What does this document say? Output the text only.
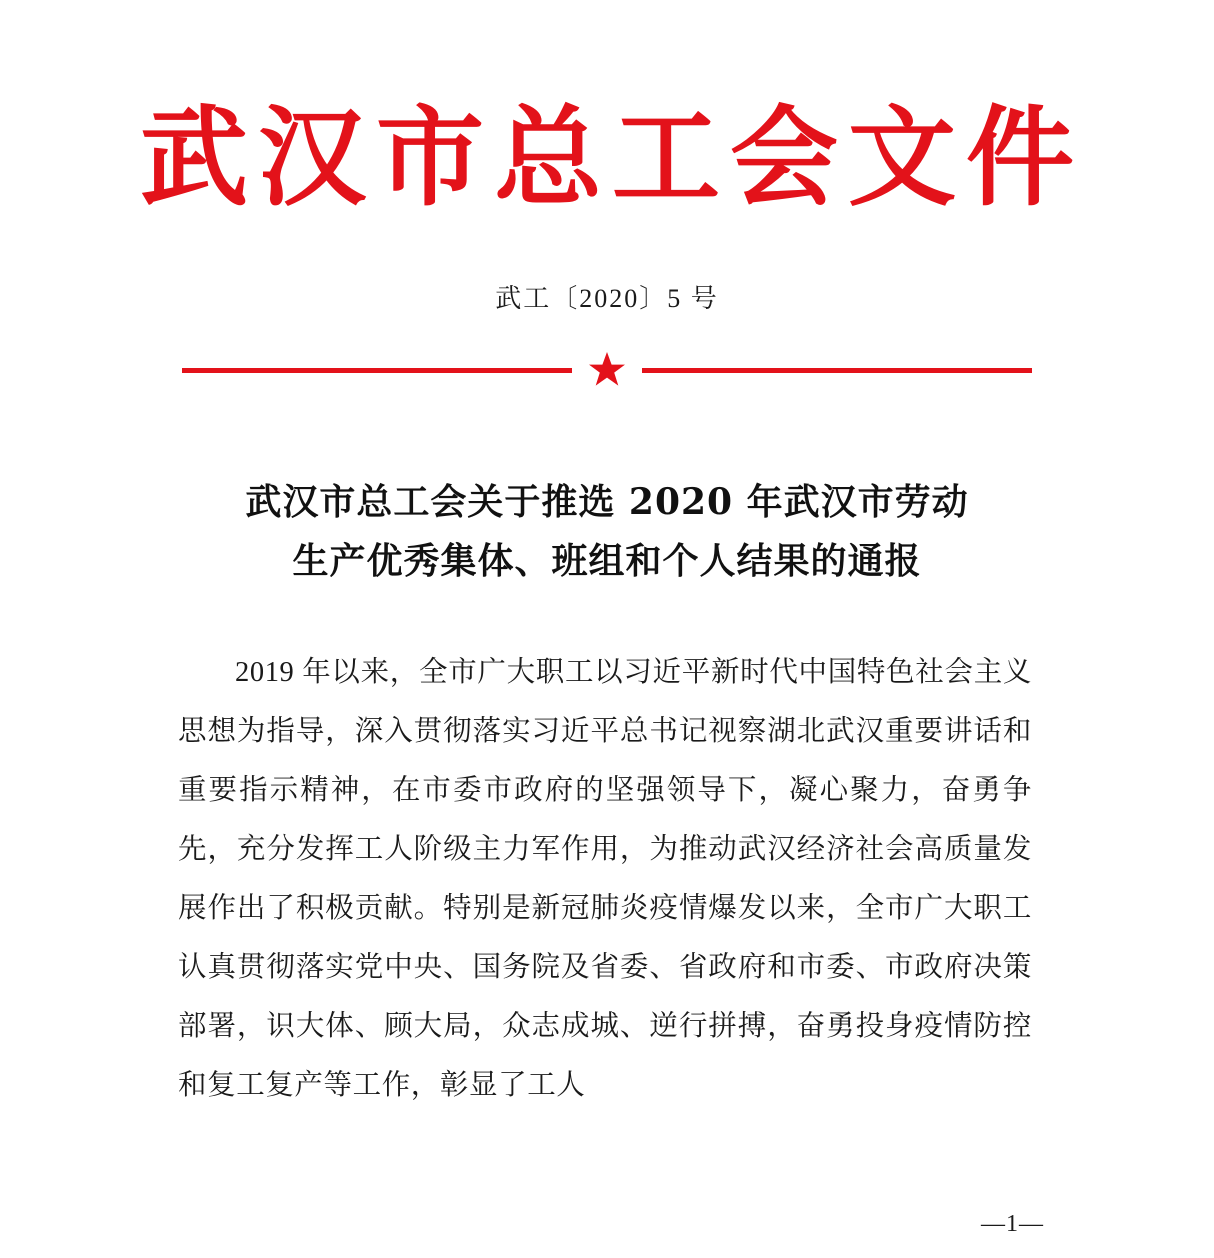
武汉市总工会文件
武工〔2020〕5 号
武汉市总工会关于推选 2020 年武汉市劳动
生产优秀集体、班组和个人结果的通报

2019 年以来，全市广大职工以习近平新时代中国特色社会主义思想为指导，深入贯彻落实习近平总书记视察湖北武汉重要讲话和重要指示精神，在市委市政府的坚强领导下，凝心聚力，奋勇争先，充分发挥工人阶级主力军作用，为推动武汉经济社会高质量发展作出了积极贡献。特别是新冠肺炎疫情爆发以来，全市广大职工认真贯彻落实党中央、国务院及省委、省政府和市委、市政府决策部署，识大体、顾大局，众志成城、逆行拼搏，奋勇投身疫情防控和复工复产等工作，彰显了工人

—1—
